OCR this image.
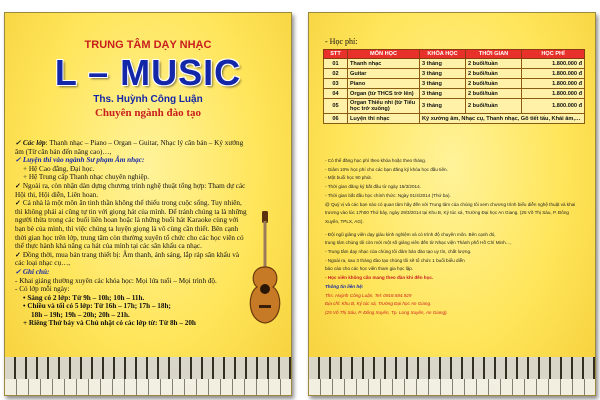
TRUNG TÂM DẠY NHẠC
L – MUSIC
Ths. Huỳnh Công Luận
Chuyên ngành đào tạo
✓ Các lớp: Thanh nhạc – Piano – Organ – Guitar, Nhạc lý căn bản – Ký xướng âm (Từ căn bản đến nâng cao)…,
✓ Luyện thi vào ngành Sư phạm Âm nhạc:
+ Hệ Cao đẳng, Đại học.
+ Hệ Trung cấp Thanh nhạc chuyên nghiệp.
✓ Ngoài ra, còn nhận dàn dựng chương trình nghệ thuật tổng hợp: Tham dự các Hội thi, Hội diễn, Liên hoan.
✓ Cá nhà là một môn ăn tinh thần không thể thiếu trong cuộc sống. Tuy nhiên, thì không phải ai cũng tự tin với giọng hát của mình. Để tránh chúng ta là những người thừa trong các buổi liên hoan hoặc là những buổi hát Karaoke cùng với bạn bè của mình, thì việc chúng ta luyện giọng là vô cùng cần thiết. Bên cạnh thời gian học trên lớp, trung tâm còn thường xuyên tổ chức cho các học viên có thể thực hành khả năng ca hát của mình tại các sân khấu ca nhạc.
✓ Đồng thời, mua bán trang thiết bị: Âm thanh, ánh sáng, lắp ráp sân khấu và các loại nhạc cụ…,
✓ Ghi chú:
- Khai giảng thường xuyên các khóa học: Mọi lứa tuổi – Mọi trình độ.
- Có lớp mỗi ngày:
• Sáng có 2 lớp: Từ 9h – 10h; 10h – 11h.
• Chiều và tối có 5 lớp: Từ 16h – 17h; 17h – 18h;
18h – 19h; 19h – 20h; 20h – 21h.
+ Riêng Thứ bảy và Chủ nhật có các lớp từ: Từ 8h – 20h
- Học phí:
STT	MÔN HỌC	KHÓA HỌC	THỜI GIAN	HỌC PHÍ
01	Thanh nhạc	3 tháng	2 buổi/tuần	1.800.000 đ
02	Guitar	3 tháng	2 buổi/tuần	1.800.000 đ
03	Piano	3 tháng	2 buổi/tuần	1.800.000 đ
04	Organ (từ THCS trở lên)	3 tháng	2 buổi/tuần	1.800.000 đ
05	Organ Thiếu nhi (từ Tiểu học trở xuống)	3 tháng	2 buổi/tuần	1.800.000 đ
06	Luyện thi nhạc	Ký xướng âm, Nhạc cụ, Thanh nhạc, Gõ tiết tấu, Khái âm,…		
- Có thể đăng học phí theo khóa hoặc theo tháng.
- Giảm 10% học phí cho các bạn đăng ký khóa học đầu tiên.
- Một buổi học 90 phút.
- Thời gian đăng ký bắt đầu từ ngày 15/3/2014.
- Thời gian bắt đầu học chính thức: Ngày 01/4/2014 (Thứ ba).
@ Quý vị và các bạn nào có quan tâm hãy đến với Trung tâm của chúng tôi xem chương trình biểu diễn nghệ thuật và khai trương vào lúc 17h00 Thứ bảy, ngày 29/3/2014 tại Khu B, Ký túc xá, Trường Đại học An Giang. (25 Võ Thị Sáu, P. Đông Xuyên, TPLX, AG).
- Đội ngũ giảng viên dạy giàu kinh nghiệm và có trình độ chuyên môn. Bên cạnh đó,
trung tâm chúng tôi còn mời một số giảng viên đến từ Nhạc viện Thành phố Hồ Chí Minh…,
- Trung tâm dạy nhạc của chúng tôi đảm bảo đào tạo uy tín, chất lượng.
- Ngoài ra, sau 3 tháng đào tạo chúng tôi sẽ tổ chức 1 buổi biểu diễn
báo cáo cho các học viên tham gia học lập.
- Học viên không cần mang theo đàn khi đến học.
Thông tin liên hệ:
Ths. Huỳnh Công Luận. Tel: 0918.584.929
Địa chỉ: Khu B, Ký túc xá, Trường Đại học An Giang.
(25 Võ Thị Sáu, P. Đông Xuyên, Tp. Long Xuyên, An Giang).
